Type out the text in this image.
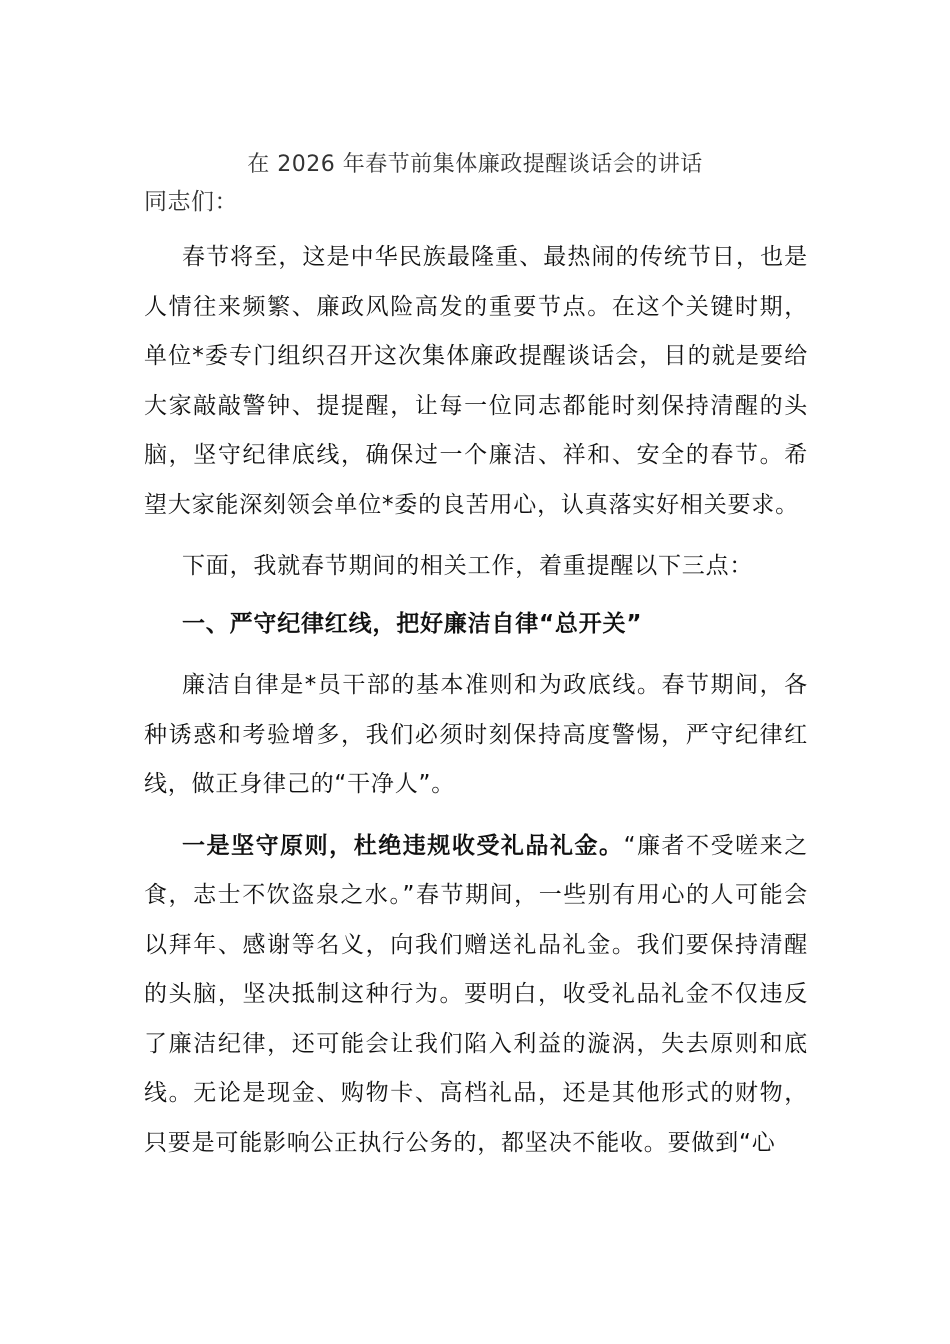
在 2026 年春节前集体廉政提醒谈话会的讲话

同志们：

春节将至，这是中华民族最隆重、最热闹的传统节日，也是人情往来频繁、廉政风险高发的重要节点。在这个关键时期，单位*委专门组织召开这次集体廉政提醒谈话会，目的就是要给大家敲敲警钟、提提醒，让每一位同志都能时刻保持清醒的头脑，坚守纪律底线，确保过一个廉洁、祥和、安全的春节。希望大家能深刻领会单位*委的良苦用心，认真落实好相关要求。

下面，我就春节期间的相关工作，着重提醒以下三点：

一、严守纪律红线，把好廉洁自律“总开关”

廉洁自律是*员干部的基本准则和为政底线。春节期间，各种诱惑和考验增多，我们必须时刻保持高度警惕，严守纪律红线，做正身律己的“干净人”。

一是坚守原则，杜绝违规收受礼品礼金。“廉者不受嗟来之食，志士不饮盗泉之水。”春节期间，一些别有用心的人可能会以拜年、感谢等名义，向我们赠送礼品礼金。我们要保持清醒的头脑，坚决抵制这种行为。要明白，收受礼品礼金不仅违反了廉洁纪律，还可能会让我们陷入利益的漩涡，失去原则和底线。无论是现金、购物卡、高档礼品，还是其他形式的财物，只要是可能影响公正执行公务的，都坚决不能收。要做到“心
